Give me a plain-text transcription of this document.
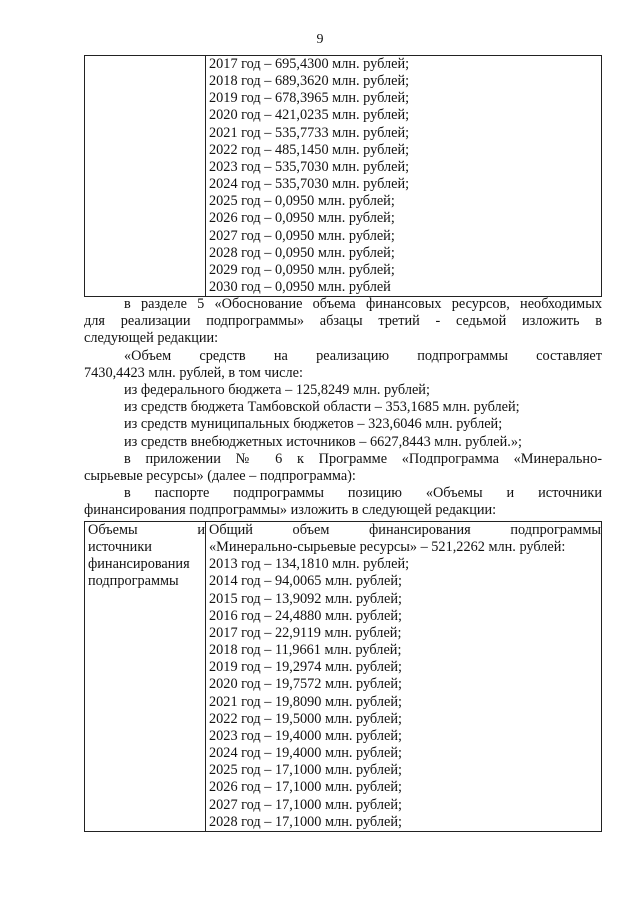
9

2017 год – 695,4300 млн. рублей;
2018 год – 689,3620 млн. рублей;
2019 год – 678,3965 млн. рублей;
2020 год – 421,0235 млн. рублей;
2021 год – 535,7733 млн. рублей;
2022 год – 485,1450 млн. рублей;
2023 год – 535,7030 млн. рублей;
2024 год – 535,7030 млн. рублей;
2025 год – 0,0950 млн. рублей;
2026 год – 0,0950 млн. рублей;
2027 год – 0,0950 млн. рублей;
2028 год – 0,0950 млн. рублей;
2029 год – 0,0950 млн. рублей;
2030 год – 0,0950 млн. рублей

в разделе 5 «Обоснование объема финансовых ресурсов, необходимых

для реализации подпрограммы» абзацы третий - седьмой изложить в

следующей редакции:

«Объем средств на реализацию подпрограммы составляет

7430,4423 млн. рублей, в том числе:

из федерального бюджета – 125,8249 млн. рублей;

из средств бюджета Тамбовской области – 353,1685 млн. рублей;

из средств муниципальных бюджетов – 323,6046 млн. рублей;

из средств внебюджетных источников – 6627,8443 млн. рублей.»;

в приложении № 6 к Программе «Подпрограмма «Минерально-

сырьевые ресурсы» (далее – подпрограмма):

в паспорте подпрограммы позицию «Объемы и источники

финансирования подпрограммы» изложить в следующей редакции:

Объемы и
источники
финансирования
подпрограммы

Общий объем финансирования подпрограммы
«Минерально-сырьевые ресурсы» – 521,2262 млн. рублей:
2013 год – 134,1810 млн. рублей;
2014 год – 94,0065 млн. рублей;
2015 год – 13,9092 млн. рублей;
2016 год – 24,4880 млн. рублей;
2017 год – 22,9119 млн. рублей;
2018 год – 11,9661 млн. рублей;
2019 год – 19,2974 млн. рублей;
2020 год – 19,7572 млн. рублей;
2021 год – 19,8090 млн. рублей;
2022 год – 19,5000 млн. рублей;
2023 год – 19,4000 млн. рублей;
2024 год – 19,4000 млн. рублей;
2025 год – 17,1000 млн. рублей;
2026 год – 17,1000 млн. рублей;
2027 год – 17,1000 млн. рублей;
2028 год – 17,1000 млн. рублей;
